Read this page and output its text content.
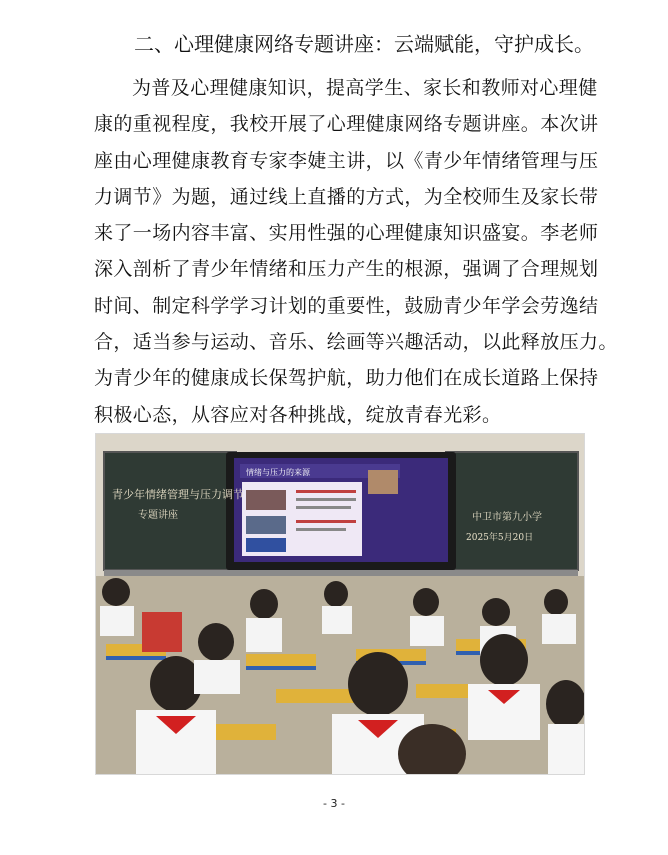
二、心理健康网络专题讲座：云端赋能，守护成长。
为普及心理健康知识，提高学生、家长和教师对心理健
康的重视程度，我校开展了心理健康网络专题讲座。本次讲
座由心理健康教育专家李婕主讲，以《青少年情绪管理与压
力调节》为题，通过线上直播的方式，为全校师生及家长带
来了一场内容丰富、实用性强的心理健康知识盛宴。李老师
深入剖析了青少年情绪和压力产生的根源，强调了合理规划
时间、制定科学学习计划的重要性，鼓励青少年学会劳逸结
合，适当参与运动、音乐、绘画等兴趣活动，以此释放压力。
为青少年的健康成长保驾护航，助力他们在成长道路上保持
积极心态，从容应对各种挑战，绽放青春光彩。
青少年情绪管理与压力调节
专题讲座	中卫市第九小学
2025年5月20日
情绪与压力的来源
- 3 -
